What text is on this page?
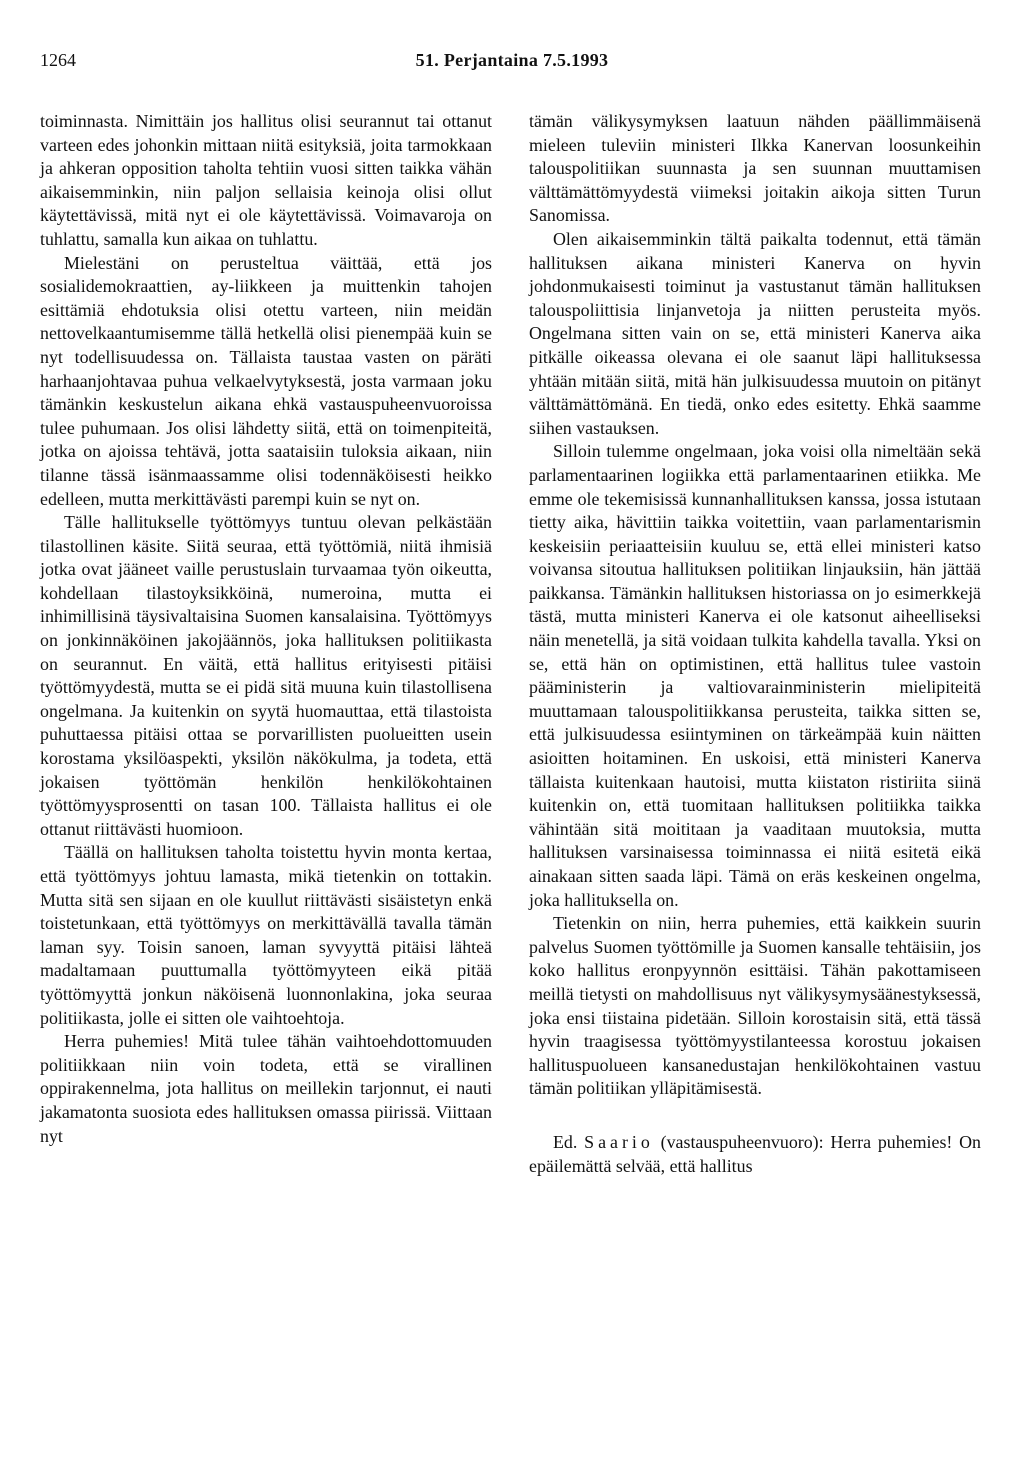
1264	51. Perjantaina 7.5.1993

toiminnasta. Nimittäin jos hallitus olisi seurannut tai ottanut varteen edes johonkin mittaan niitä esityksiä, joita tarmokkaan ja ahkeran opposition taholta tehtiin vuosi sitten taikka vähän aikaisemminkin, niin paljon sellaisia keinoja olisi ollut käytettävissä, mitä nyt ei ole käytettävissä. Voimavaroja on tuhlattu, samalla kun aikaa on tuhlattu.

Mielestäni on perusteltua väittää, että jos sosialidemokraattien, ay-liikkeen ja muittenkin tahojen esittämiä ehdotuksia olisi otettu varteen, niin meidän nettovelkaantumisemme tällä hetkellä olisi pienempää kuin se nyt todellisuudessa on. Tällaista taustaa vasten on päräti harhaanjohtavaa puhua velkaelvytyksestä, josta varmaan joku tämänkin keskustelun aikana ehkä vastauspuheenvuoroissa tulee puhumaan. Jos olisi lähdetty siitä, että on toimenpiteitä, jotka on ajoissa tehtävä, jotta saataisiin tuloksia aikaan, niin tilanne tässä isänmaassamme olisi todennäköisesti heikko edelleen, mutta merkittävästi parempi kuin se nyt on.

Tälle hallitukselle työttömyys tuntuu olevan pelkästään tilastollinen käsite. Siitä seuraa, että työttömiä, niitä ihmisiä jotka ovat jääneet vaille perustuslain turvaamaa työn oikeutta, kohdellaan tilastoyksikköinä, numeroina, mutta ei inhimillisinä täysivaltaisina Suomen kansalaisina. Työttömyys on jonkinnäköinen jakojäännös, joka hallituksen politiikasta on seurannut. En väitä, että hallitus erityisesti pitäisi työttömyydestä, mutta se ei pidä sitä muuna kuin tilastollisena ongelmana. Ja kuitenkin on syytä huomauttaa, että tilastoista puhuttaessa pitäisi ottaa se porvarillisten puolueitten usein korostama yksilöaspekti, yksilön näkökulma, ja todeta, että jokaisen työttömän henkilön henkilökohtainen työttömyysprosentti on tasan 100. Tällaista hallitus ei ole ottanut riittävästi huomioon.

Täällä on hallituksen taholta toistettu hyvin monta kertaa, että työttömyys johtuu lamasta, mikä tietenkin on tottakin. Mutta sitä sen sijaan en ole kuullut riittävästi sisäistetyn enkä toistetunkaan, että työttömyys on merkittävällä tavalla tämän laman syy. Toisin sanoen, laman syvyyttä pitäisi lähteä madaltamaan puuttumalla työttömyyteen eikä pitää työttömyyttä jonkun näköisenä luonnonlakina, joka seuraa politiikasta, jolle ei sitten ole vaihtoehtoja.

Herra puhemies! Mitä tulee tähän vaihtoehdottomuuden politiikkaan niin voin todeta, että se virallinen oppirakennelma, jota hallitus on meillekin tarjonnut, ei nauti jakamatonta suosiota edes hallituksen omassa piirissä. Viittaan nyt

tämän välikysymyksen laatuun nähden päällimmäisenä mieleen tuleviin ministeri Ilkka Kanervan loosunkeihin talouspolitiikan suunnasta ja sen suunnan muuttamisen välttämättömyydestä viimeksi joitakin aikoja sitten Turun Sanomissa.

Olen aikaisemminkin tältä paikalta todennut, että tämän hallituksen aikana ministeri Kanerva on hyvin johdonmukaisesti toiminut ja vastustanut tämän hallituksen talouspoliittisia linjanvetoja ja niitten perusteita myös. Ongelmana sitten vain on se, että ministeri Kanerva aika pitkälle oikeassa olevana ei ole saanut läpi hallituksessa yhtään mitään siitä, mitä hän julkisuudessa muutoin on pitänyt välttämättömänä. En tiedä, onko edes esitetty. Ehkä saamme siihen vastauksen.

Silloin tulemme ongelmaan, joka voisi olla nimeltään sekä parlamentaarinen logiikka että parlamentaarinen etiikka. Me emme ole tekemisissä kunnanhallituksen kanssa, jossa istutaan tietty aika, hävittiin taikka voitettiin, vaan parlamentarismin keskeisiin periaatteisiin kuuluu se, että ellei ministeri katso voivansa sitoutua hallituksen politiikan linjauksiin, hän jättää paikkansa. Tämänkin hallituksen historiassa on jo esimerkkejä tästä, mutta ministeri Kanerva ei ole katsonut aiheelliseksi näin menetellä, ja sitä voidaan tulkita kahdella tavalla. Yksi on se, että hän on optimistinen, että hallitus tulee vastoin pääministerin ja valtiovarainministerin mielipiteitä muuttamaan talouspolitiikkansa perusteita, taikka sitten se, että julkisuudessa esiintyminen on tärkeämpää kuin näitten asioitten hoitaminen. En uskoisi, että ministeri Kanerva tällaista kuitenkaan hautoisi, mutta kiistaton ristiriita siinä kuitenkin on, että tuomitaan hallituksen politiikka taikka vähintään sitä moititaan ja vaaditaan muutoksia, mutta hallituksen varsinaisessa toiminnassa ei niitä esitetä eikä ainakaan sitten saada läpi. Tämä on eräs keskeinen ongelma, joka hallituksella on.

Tietenkin on niin, herra puhemies, että kaikkein suurin palvelus Suomen työttömille ja Suomen kansalle tehtäisiin, jos koko hallitus eronpyynnön esittäisi. Tähän pakottamiseen meillä tietysti on mahdollisuus nyt välikysymysäänestyksessä, joka ensi tiistaina pidetään. Silloin korostaisin sitä, että tässä hyvin traagisessa työttömyystilanteessa korostuu jokaisen hallituspuolueen kansanedustajan henkilökohtainen vastuu tämän politiikan ylläpitämisestä.

Ed. Saario (vastauspuheenvuoro): Herra puhemies! On epäilemättä selvää, että hallitus
